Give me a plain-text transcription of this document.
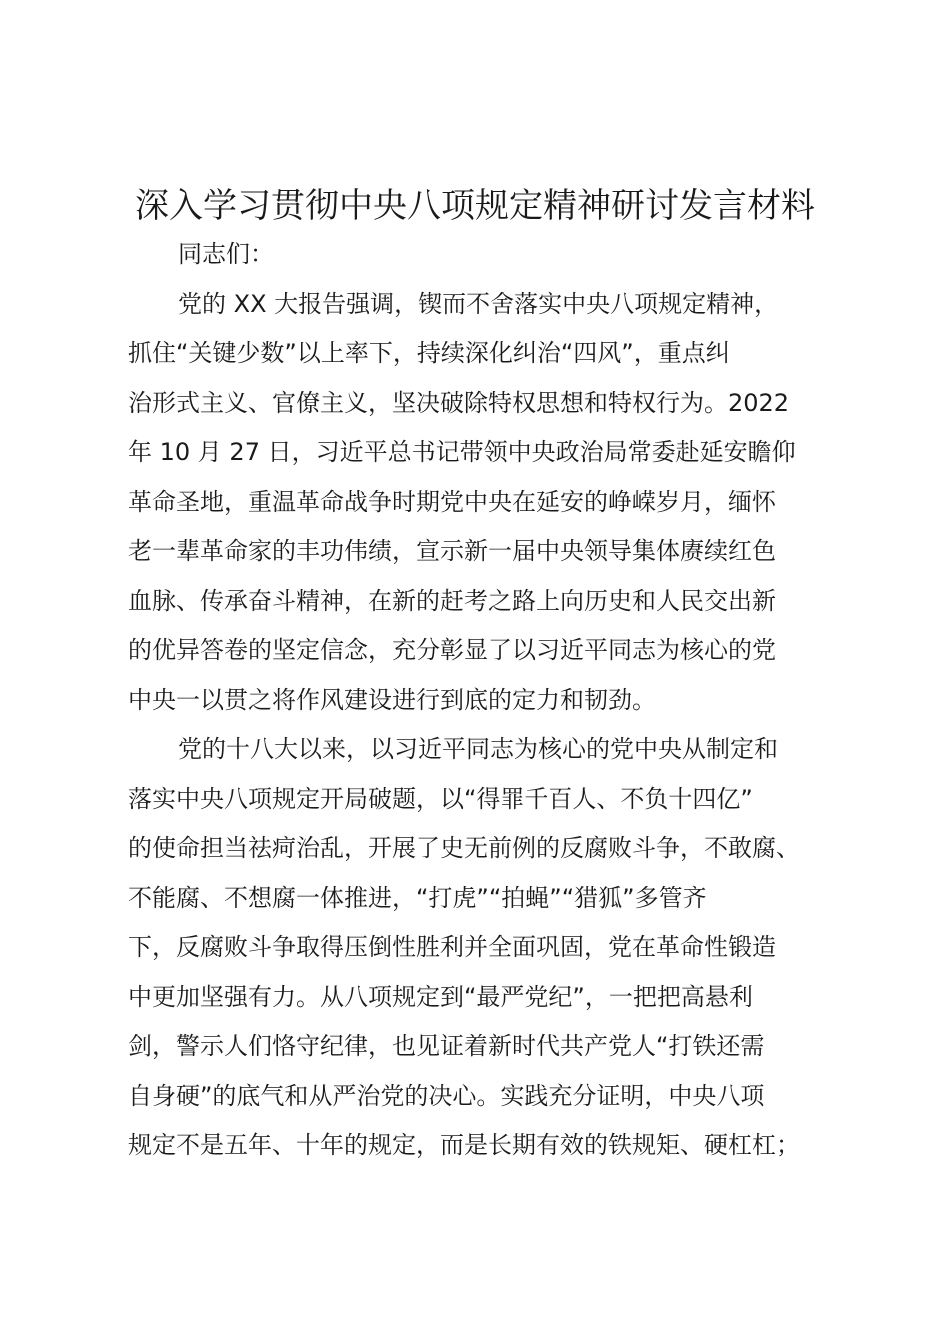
深入学习贯彻中央八项规定精神研讨发言材料
同志们：
党的 XX 大报告强调，锲而不舍落实中央八项规定精神，
抓住“关键少数”以上率下，持续深化纠治“四风”，重点纠
治形式主义、官僚主义，坚决破除特权思想和特权行为。2022
年 10 月 27 日，习近平总书记带领中央政治局常委赴延安瞻仰
革命圣地，重温革命战争时期党中央在延安的峥嵘岁月，缅怀
老一辈革命家的丰功伟绩，宣示新一届中央领导集体赓续红色
血脉、传承奋斗精神，在新的赶考之路上向历史和人民交出新
的优异答卷的坚定信念，充分彰显了以习近平同志为核心的党
中央一以贯之将作风建设进行到底的定力和韧劲。
党的十八大以来，以习近平同志为核心的党中央从制定和
落实中央八项规定开局破题，以“得罪千百人、不负十四亿”
的使命担当祛疴治乱，开展了史无前例的反腐败斗争，不敢腐、
不能腐、不想腐一体推进，“打虎”“拍蝇”“猎狐”多管齐
下，反腐败斗争取得压倒性胜利并全面巩固，党在革命性锻造
中更加坚强有力。从八项规定到“最严党纪”，一把把高悬利
剑，警示人们恪守纪律，也见证着新时代共产党人“打铁还需
自身硬”的底气和从严治党的决心。实践充分证明，中央八项
规定不是五年、十年的规定，而是长期有效的铁规矩、硬杠杠；
